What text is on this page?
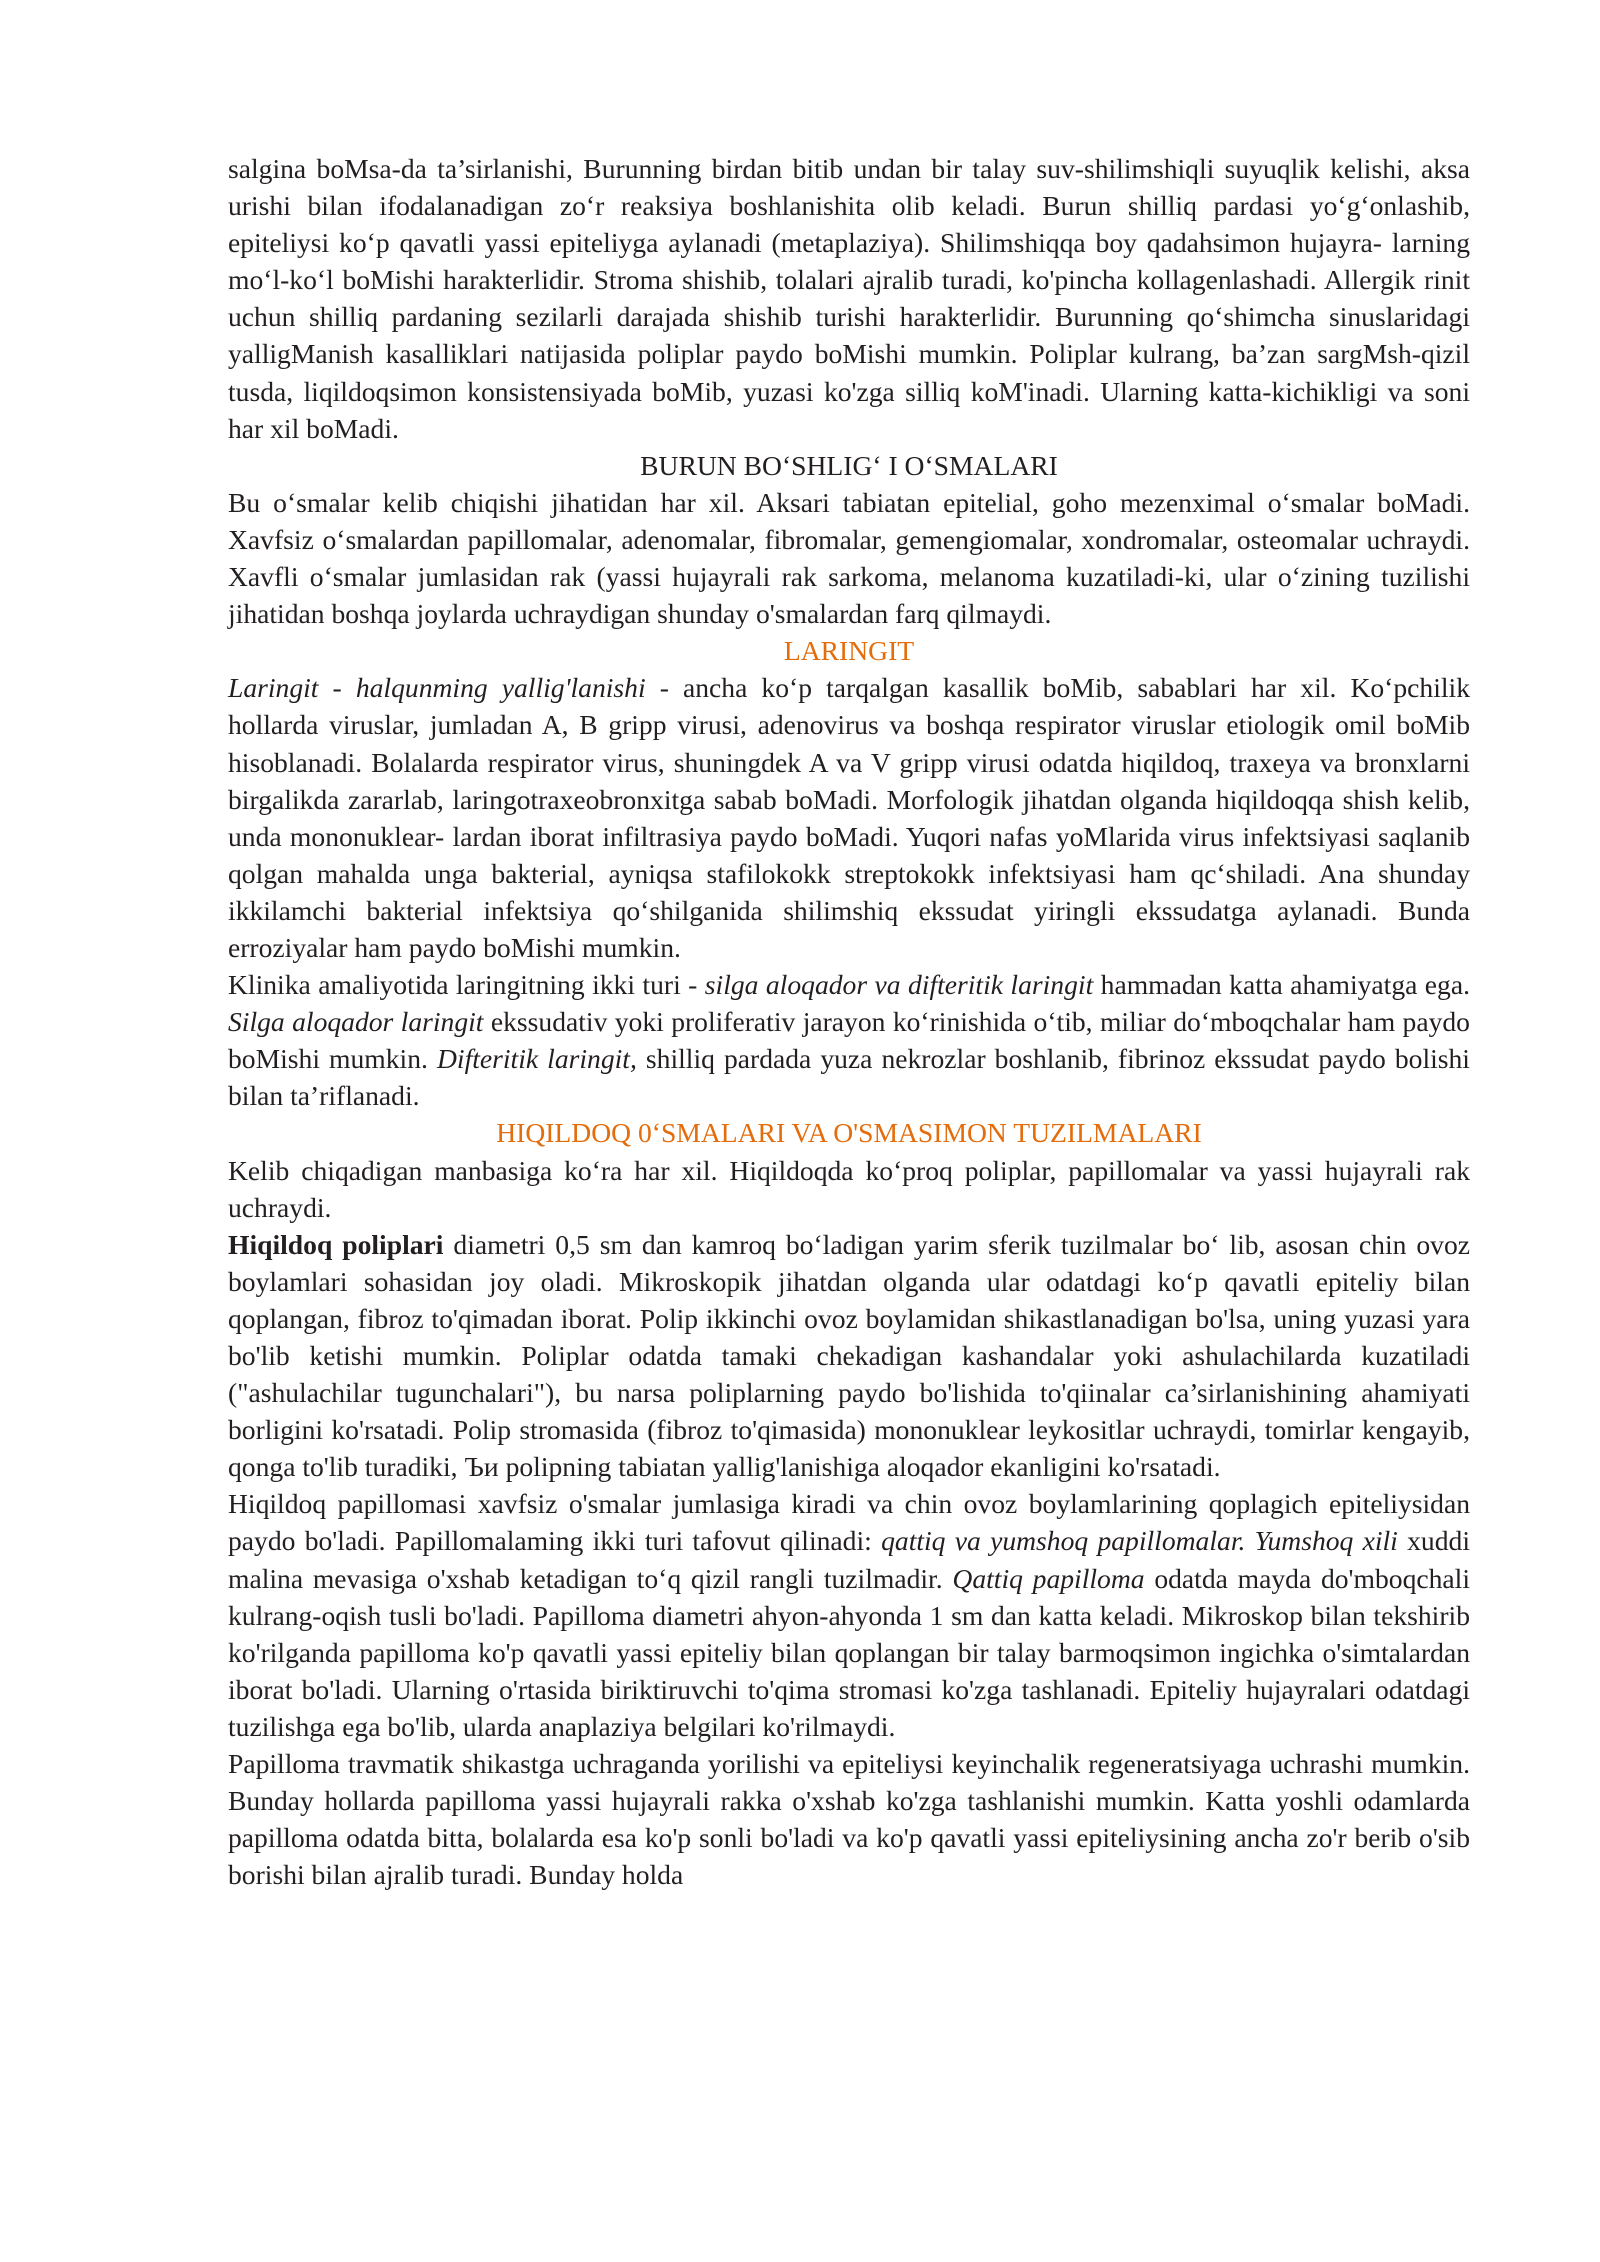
salgina boMsa-da ta’sirlanishi, Burunning birdan bitib undan bir talay suv-shilimshiqli suyuqlik kelishi, aksa urishi bilan ifodalanadigan zo‘r reaksiya boshlanishita olib keladi. Burun shilliq pardasi yo‘g‘onlashib, epiteliysi ko‘p qavatli yassi epiteliyga aylanadi (metaplaziya). Shilimshiqqa boy qadahsimon hujayra- larning mo‘l-ko‘l boMishi harakterlidir. Stroma shishib, tolalari ajralib turadi, ko'pincha kollagenlashadi. Allergik rinit uchun shilliq pardaning sezilarli darajada shishib turishi harakterlidir. Burunning qo‘shimcha sinuslaridagi yalligManish kasalliklari natijasida poliplar paydo boMishi mumkin. Poliplar kulrang, ba’zan sargMsh-qizil tusda, liqildoqsimon konsistensiyada boMib, yuzasi ko'zga silliq koM'inadi. Ularning katta-kichikligi va soni har xil boMadi.

BURUN BO‘SHLIG‘ I O‘SMALARI

Bu o‘smalar kelib chiqishi jihatidan har xil. Aksari tabiatan epitelial, goho mezenximal o‘smalar boMadi. Xavfsiz o‘smalardan papillomalar, adenomalar, fibromalar, gemengiomalar, xondromalar, osteomalar uchraydi. Xavfli o‘smalar jumlasidan rak (yassi hujayrali rak sarkoma, melanoma kuzatiladi-ki, ular o‘zining tuzilishi jihatidan boshqa joylarda uchraydigan shunday o'smalardan farq qilmaydi.

LARINGIT

Laringit - halqunming yallig'lanishi - ancha ko‘p tarqalgan kasallik boMib, sabablari har xil. Ko‘pchilik hollarda viruslar, jumladan A, B gripp virusi, adenovirus va boshqa respirator viruslar etiologik omil boMib hisoblanadi. Bolalarda respirator virus, shuningdek A va V gripp virusi odatda hiqildoq, traxeya va bronxlarni birgalikda zararlab, laringotraxeobronxitga sabab boMadi. Morfologik jihatdan olganda hiqildoqqa shish kelib, unda mononuklear- lardan iborat infiltrasiya paydo boMadi. Yuqori nafas yoMlarida virus infektsiyasi saqlanib qolgan mahalda unga bakterial, ayniqsa stafilokokk streptokokk infektsiyasi ham qc‘shiladi. Ana shunday ikkilamchi bakterial infektsiya qo‘shilganida shilimshiq ekssudat yiringli ekssudatga aylanadi. Bunda erroziyalar ham paydo boMishi mumkin.

Klinika amaliyotida laringitning ikki turi - silga aloqador va difteritik laringit hammadan katta ahamiyatga ega. Silga aloqador laringit ekssudativ yoki proliferativ jarayon ko‘rinishida o‘tib, miliar do‘mboqchalar ham paydo boMishi mumkin. Difteritik laringit, shilliq pardada yuza nekrozlar boshlanib, fibrinoz ekssudat paydo bolishi bilan ta’riflanadi.

HIQILDOQ 0‘SMALARI VA O'SMASIMON TUZILMALARI

Kelib chiqadigan manbasiga ko‘ra har xil. Hiqildoqda ko‘proq poliplar, papillomalar va yassi hujayrali rak uchraydi.

Hiqildoq poliplari diametri 0,5 sm dan kamroq bo‘ladigan yarim sferik tuzilmalar bo‘ lib, asosan chin ovoz boylamlari sohasidan joy oladi. Mikroskopik jihatdan olganda ular odatdagi ko‘p qavatli epiteliy bilan qoplangan, fibroz to'qimadan iborat. Polip ikkinchi ovoz boylamidan shikastlanadigan bo'lsa, uning yuzasi yara bo'lib ketishi mumkin. Poliplar odatda tamaki chekadigan kashandalar yoki ashulachilarda kuzatiladi ("ashulachilar tugunchalari"), bu narsa poliplarning paydo bo'lishida to'qiinalar ca’sirlanishining ahamiyati borligini ko'rsatadi. Polip stromasida (fibroz to'qimasida) mononuklear leykositlar uchraydi, tomirlar kengayib, qonga to'lib turadiki, Ъи polipning tabiatan yallig'lanishiga aloqador ekanligini ko'rsatadi.

Hiqildoq papillomasi xavfsiz o'smalar jumlasiga kiradi va chin ovoz boylamlarining qoplagich epiteliysidan paydo bo'ladi. Papillomalaming ikki turi tafovut qilinadi: qattiq va yumshoq papillomalar. Yumshoq xili xuddi malina mevasiga o'xshab ketadigan to‘q qizil rangli tuzilmadir. Qattiq papilloma odatda mayda do'mboqchali kulrang-oqish tusli bo'ladi. Papilloma diametri ahyon-ahyonda 1 sm dan katta keladi. Mikroskop bilan tekshirib ko'rilganda papilloma ko'p qavatli yassi epiteliy bilan qoplangan bir talay barmoqsimon ingichka o'simtalardan iborat bo'ladi. Ularning o'rtasida biriktiruvchi to'qima stromasi ko'zga tashlanadi. Epiteliy hujayralari odatdagi tuzilishga ega bo'lib, ularda anaplaziya belgilari ko'rilmaydi.

Papilloma travmatik shikastga uchraganda yorilishi va epiteliysi keyinchalik regeneratsiyaga uchrashi mumkin. Bunday hollarda papilloma yassi hujayrali rakka o'xshab ko'zga tashlanishi mumkin. Katta yoshli odamlarda papilloma odatda bitta, bolalarda esa ko'p sonli bo'ladi va ko'p qavatli yassi epiteliysining ancha zo'r berib o'sib borishi bilan ajralib turadi. Bunday holda
